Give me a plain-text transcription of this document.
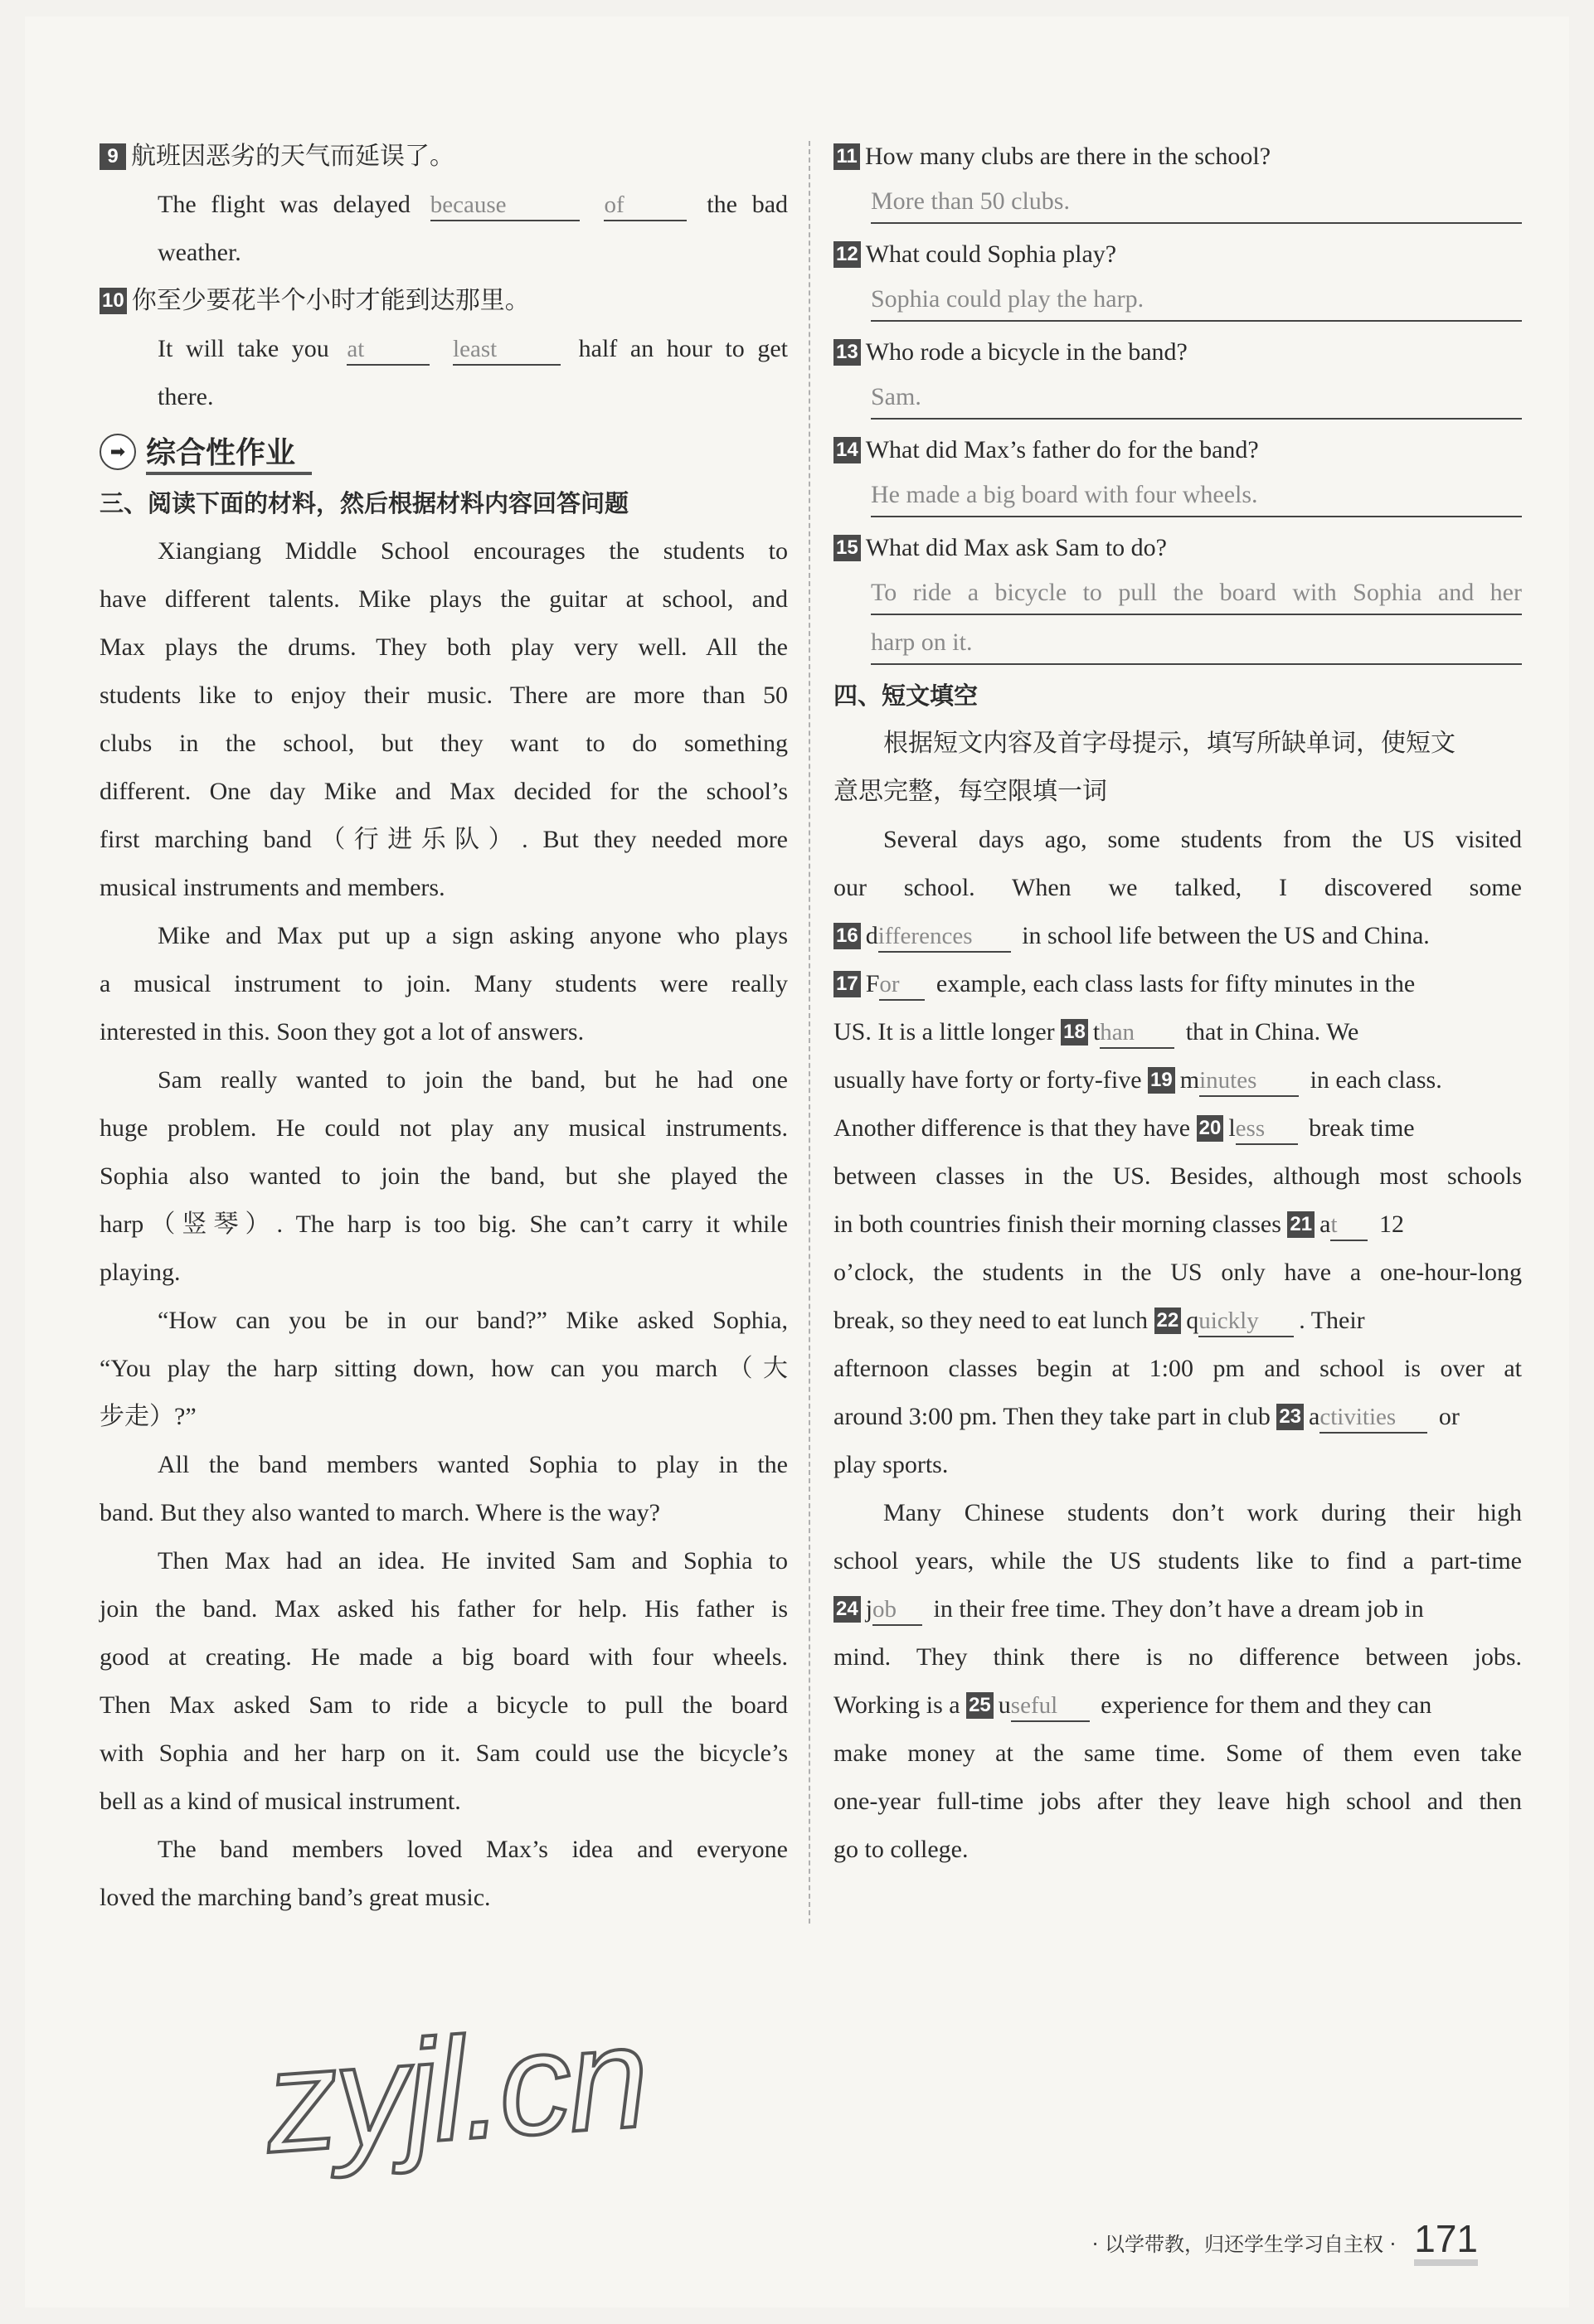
9 航班因恶劣的天气而延误了。
The flight was delayed because	of	the bad
weather.
10 你至少要花半个小时才能到达那里。
It will take you at	least	half an hour to get
there.
➡ 综合性作业
三、阅读下面的材料，然后根据材料内容回答问题
Xiangiang Middle School encourages the students to
have different talents. Mike plays the guitar at school, and
Max plays the drums. They both play very well. All the
students like to enjoy their music. There are more than 50
clubs in the school, but they want to do something
different. One day Mike and Max decided for the school’s
first marching band（行进乐队）. But they needed more
musical instruments and members.
Mike and Max put up a sign asking anyone who plays
a musical instrument to join. Many students were really
interested in this. Soon they got a lot of answers.
Sam really wanted to join the band, but he had one
huge problem. He could not play any musical instruments.
Sophia also wanted to join the band, but she played the
harp（竖琴）. The harp is too big. She can’t carry it while
playing.
“How can you be in our band?” Mike asked Sophia,
“You play the harp sitting down, how can you march（大
步走）?”
All the band members wanted Sophia to play in the
band. But they also wanted to march. Where is the way?
Then Max had an idea. He invited Sam and Sophia to
join the band. Max asked his father for help. His father is
good at creating. He made a big board with four wheels.
Then Max asked Sam to ride a bicycle to pull the board
with Sophia and her harp on it. Sam could use the bicycle’s
bell as a kind of musical instrument.
The band members loved Max’s idea and everyone
loved the marching band’s great music.
11 How many clubs are there in the school?
More than 50 clubs.
12 What could Sophia play?
Sophia could play the harp.
13 Who rode a bicycle in the band?
Sam.
14 What did Max’s father do for the band?
He made a big board with four wheels.
15 What did Max ask Sam to do?
To ride a bicycle to pull the board with Sophia and her
harp on it.
四、短文填空
根据短文内容及首字母提示，填写所缺单词，使短文
意思完整，每空限填一词
Several days ago, some students from the US visited
our school. When we talked, I discovered some
16 differences in school life between the US and China.
17 For example, each class lasts for fifty minutes in the
US. It is a little longer 18 than that in China. We
usually have forty or forty-five 19 minutes in each class.
Another difference is that they have 20 less break time
between classes in the US. Besides, although most schools
in both countries finish their morning classes 21 at 12
o’clock, the students in the US only have a one-hour-long
break, so they need to eat lunch 22 quickly . Their
afternoon classes begin at 1:00 pm and school is over at
around 3:00 pm. Then they take part in club 23 activities or
play sports.
Many Chinese students don’t work during their high
school years, while the US students like to find a part-time
24 job in their free time. They don’t have a dream job in
mind. They think there is no difference between jobs.
Working is a 25 useful experience for them and they can
make money at the same time. Some of them even take
one-year full-time jobs after they leave high school and then
go to college.
zyjl.cn
· 以学带教，归还学生学习自主权 · 171
